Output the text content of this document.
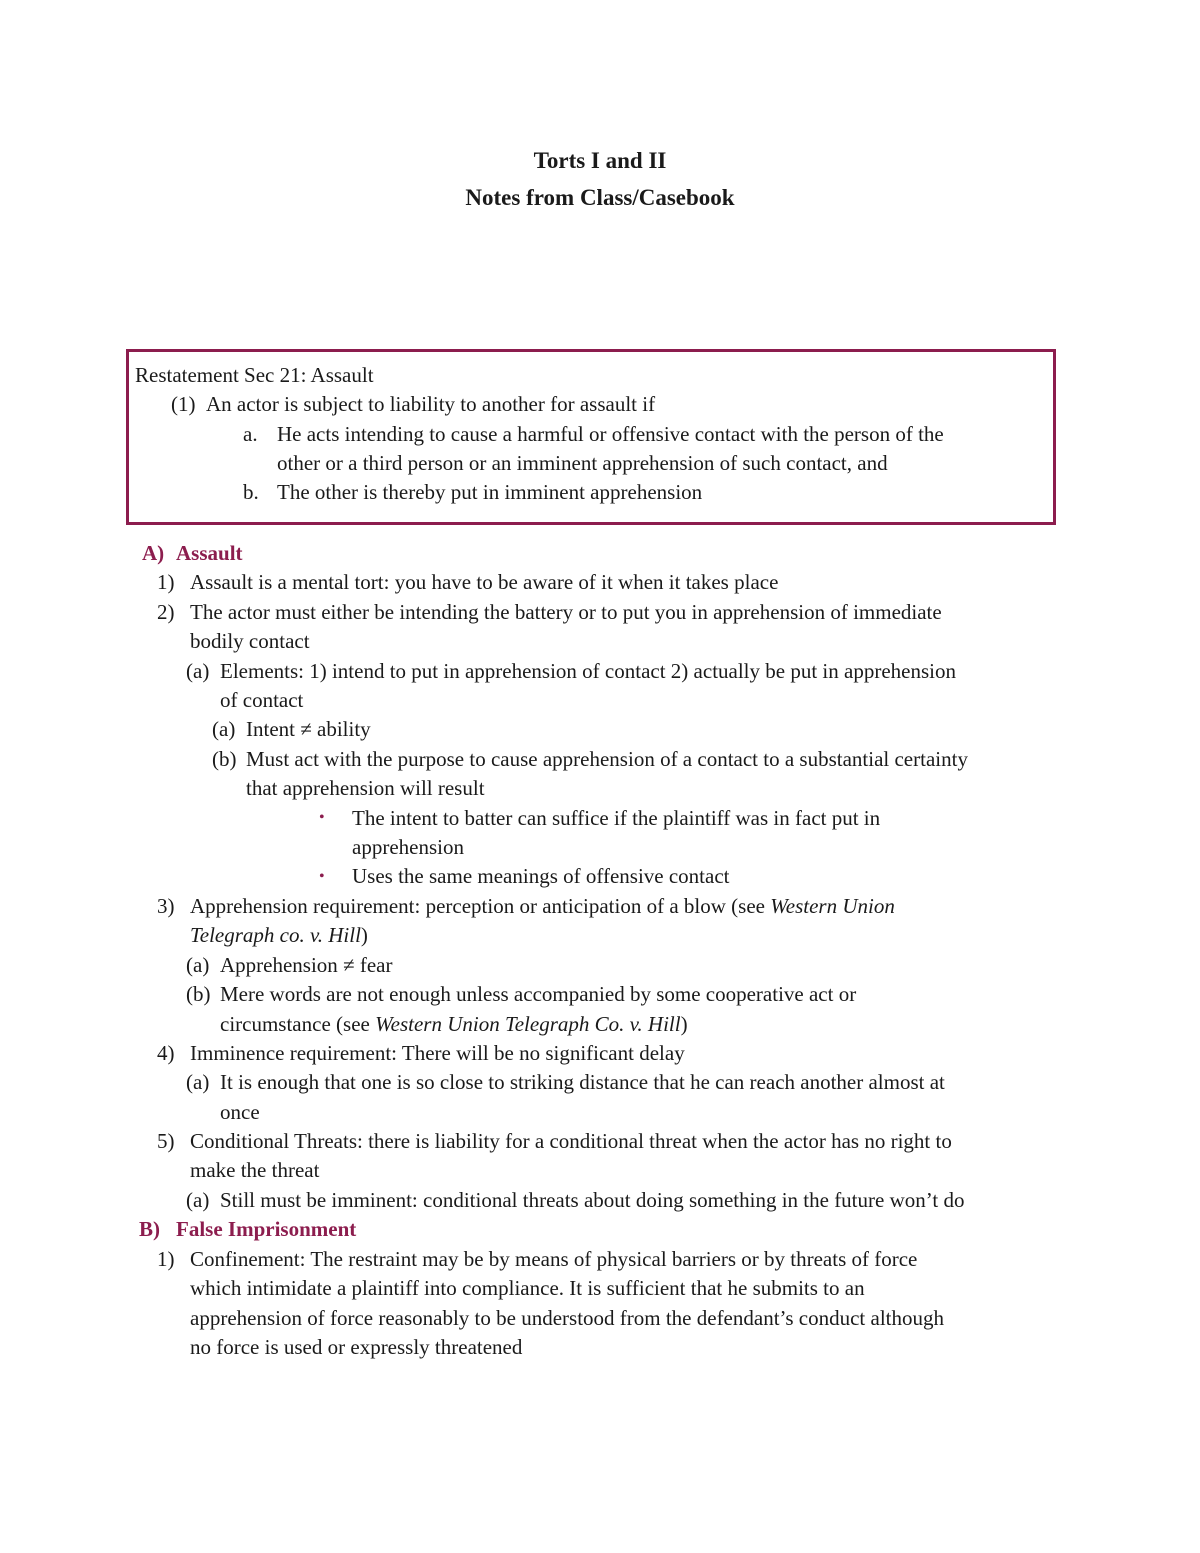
Torts I and II
Notes from Class/Casebook
Restatement Sec 21: Assault
(1) An actor is subject to liability to another for assault if
a. He acts intending to cause a harmful or offensive contact with the person of the
other or a third person or an imminent apprehension of such contact, and
b. The other is thereby put in imminent apprehension
A) Assault
1) Assault is a mental tort: you have to be aware of it when it takes place
2) The actor must either be intending the battery or to put you in apprehension of immediate
bodily contact
(a) Elements: 1) intend to put in apprehension of contact 2) actually be put in apprehension
of contact
(a) Intent ≠ ability
(b) Must act with the purpose to cause apprehension of a contact to a substantial certainty
that apprehension will result
• The intent to batter can suffice if the plaintiff was in fact put in
apprehension
• Uses the same meanings of offensive contact
3) Apprehension requirement: perception or anticipation of a blow (see Western Union
Telegraph co. v. Hill)
(a) Apprehension ≠ fear
(b) Mere words are not enough unless accompanied by some cooperative act or
circumstance (see Western Union Telegraph Co. v. Hill)
4) Imminence requirement: There will be no significant delay
(a) It is enough that one is so close to striking distance that he can reach another almost at
once
5) Conditional Threats: there is liability for a conditional threat when the actor has no right to
make the threat
(a) Still must be imminent: conditional threats about doing something in the future won’t do
B) False Imprisonment
1) Confinement: The restraint may be by means of physical barriers or by threats of force
which intimidate a plaintiff into compliance. It is sufficient that he submits to an
apprehension of force reasonably to be understood from the defendant’s conduct although
no force is used or expressly threatened
